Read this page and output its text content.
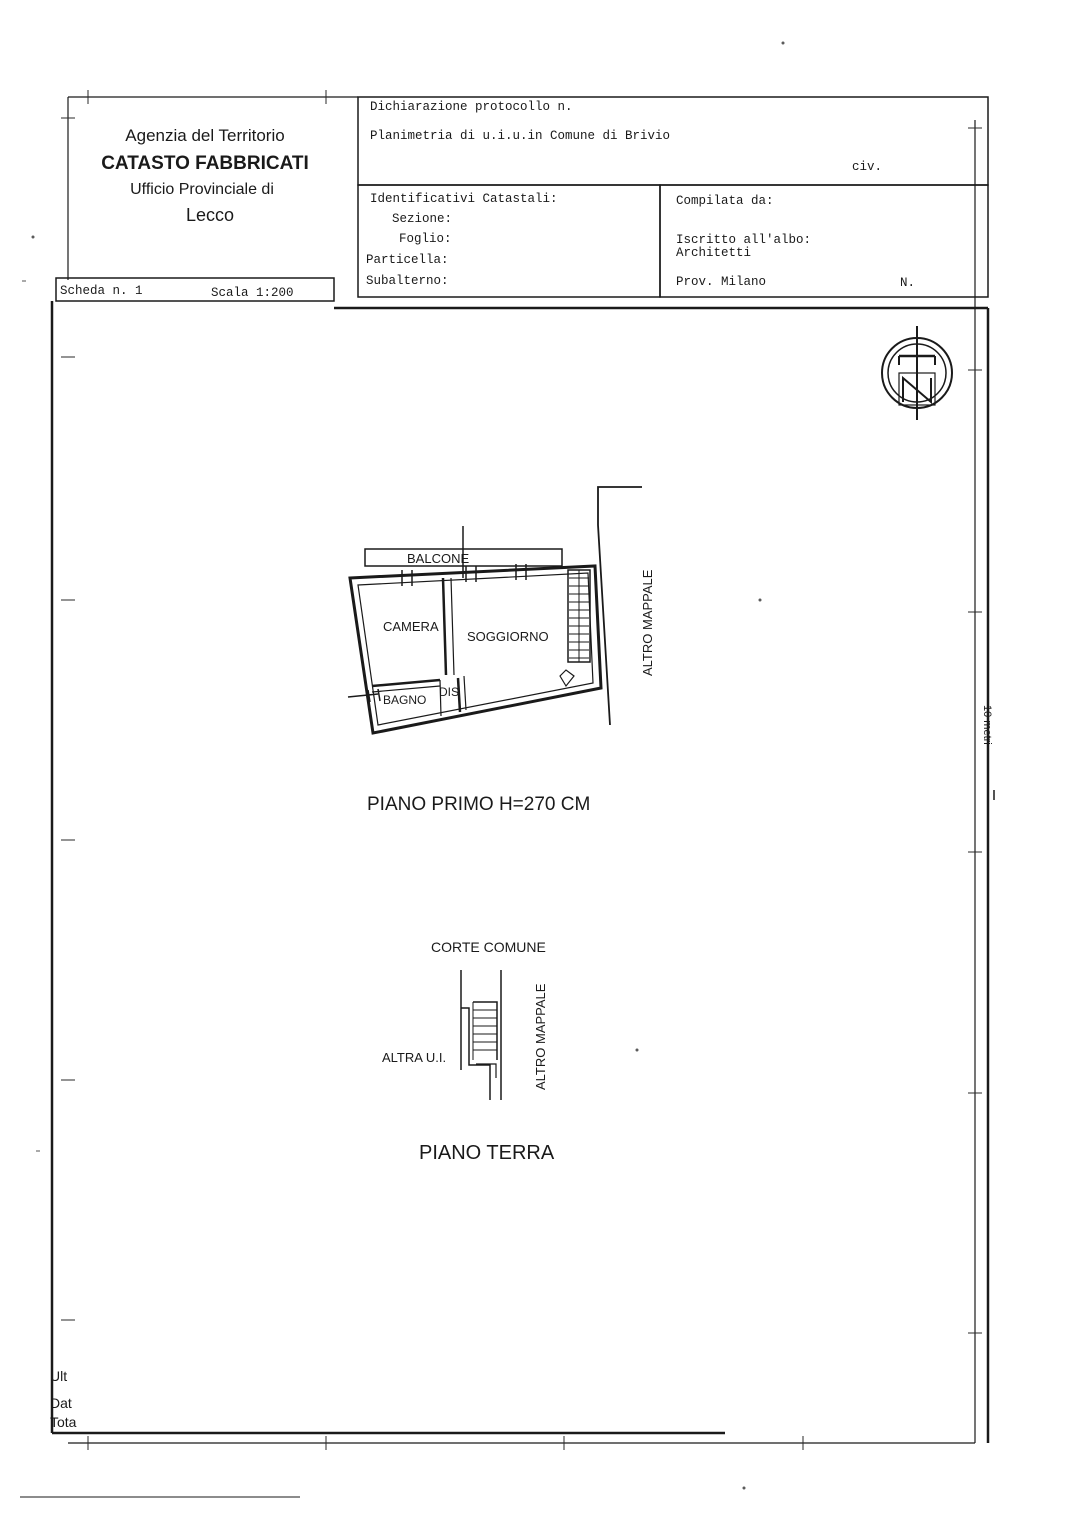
Agenzia del Territorio
CATASTO FABBRICATI
Ufficio Provinciale di
Lecco
Dichiarazione protocollo n.
Planimetria di u.i.u.in Comune di Brivio
civ.
Identificativi Catastali:
Sezione:
Foglio:
Particella:
Subalterno:
Compilata da:
Iscritto all'albo:
Architetti
Prov. Milano	N.
Scheda n. 1	Scala 1:200
BALCONE
CAMERA
SOGGIORNO
BAGNO
DIS
ALTRO MAPPALE
PIANO PRIMO H=270 CM
10 metri
CORTE COMUNE
ALTRA U.I.	ALTRO MAPPALE
PIANO TERRA
Ult
Dat
Tota
